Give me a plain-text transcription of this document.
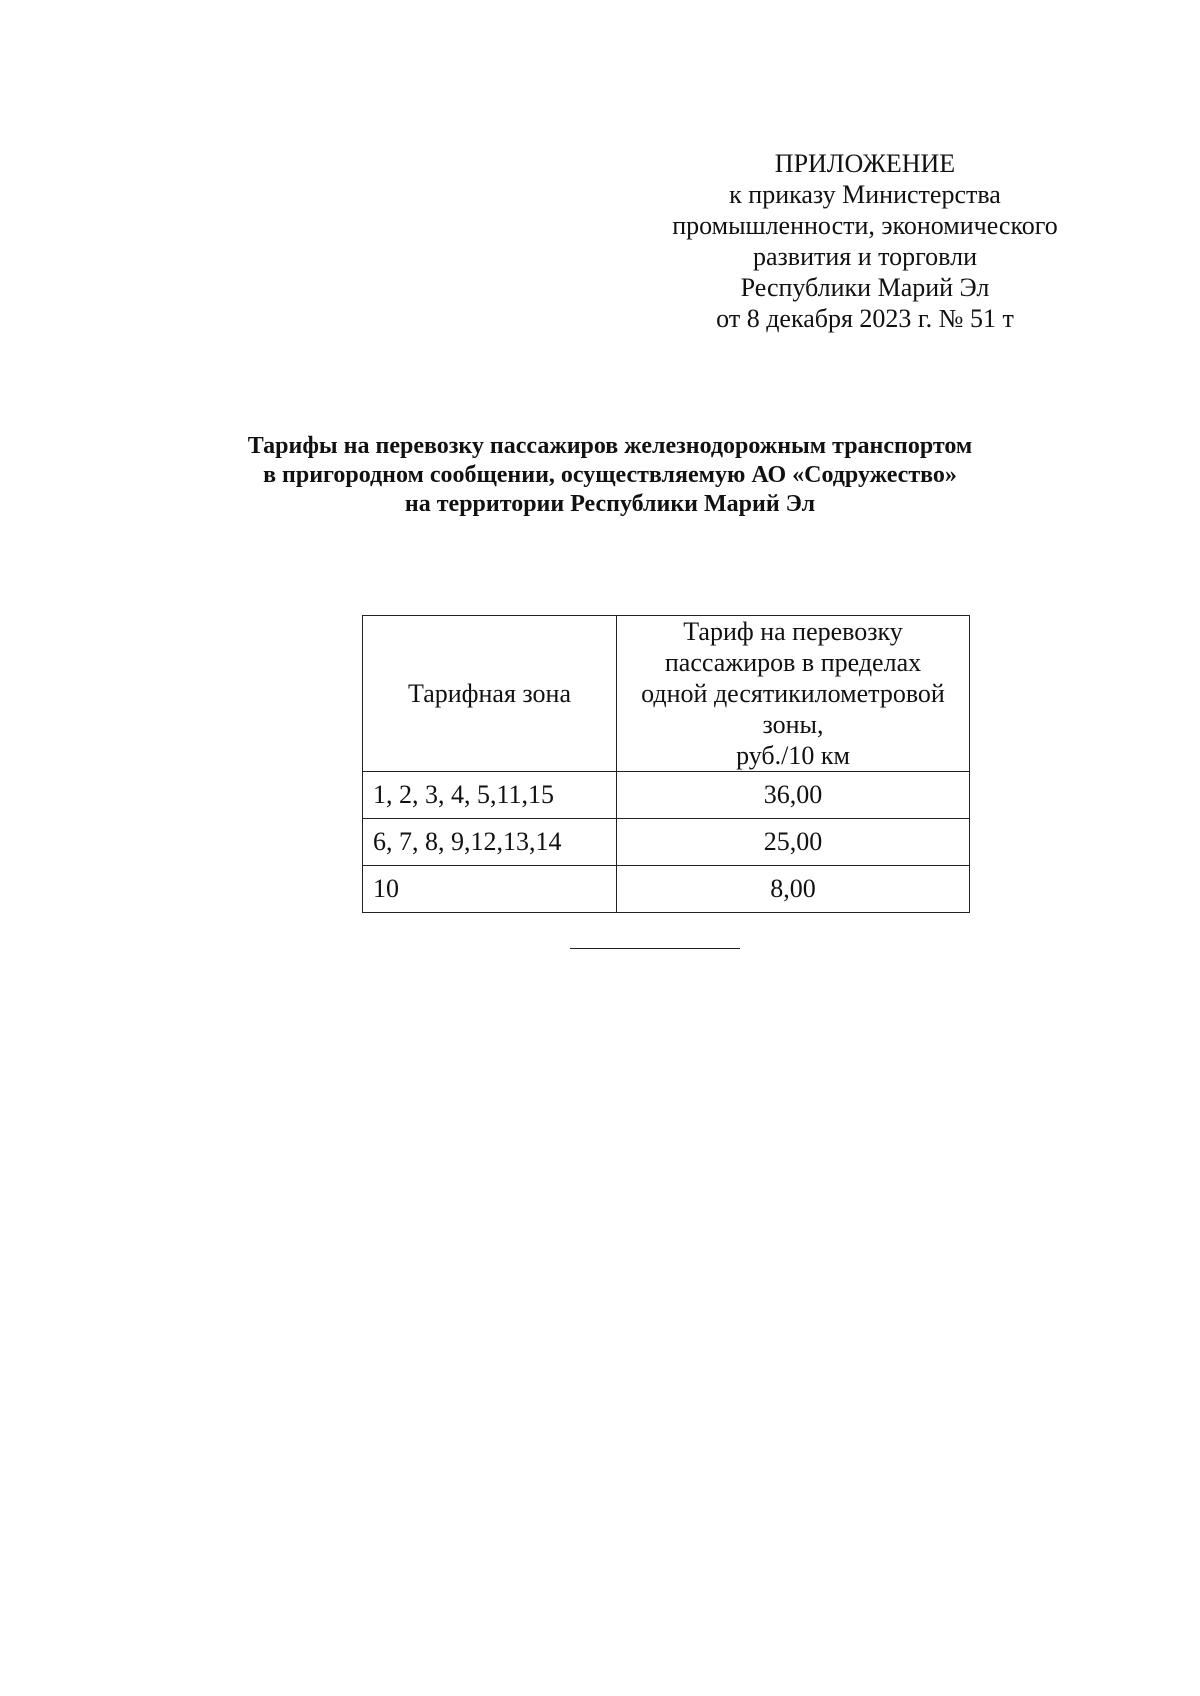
ПРИЛОЖЕНИЕ
к приказу Министерства
промышленности, экономического
развития и торговли
Республики Марий Эл
от 8 декабря 2023 г. № 51 т
Тарифы на перевозку пассажиров железнодорожным транспортом
в пригородном сообщении, осуществляемую АО «Содружество»
на территории Республики Марий Эл
Тарифная зона	Тариф на перевозку
пассажиров в пределах
одной десятикилометровой
зоны,
руб./10 км

1, 2, 3, 4, 5,11,15	36,00
6, 7, 8, 9,12,13,14	25,00
10	8,00
